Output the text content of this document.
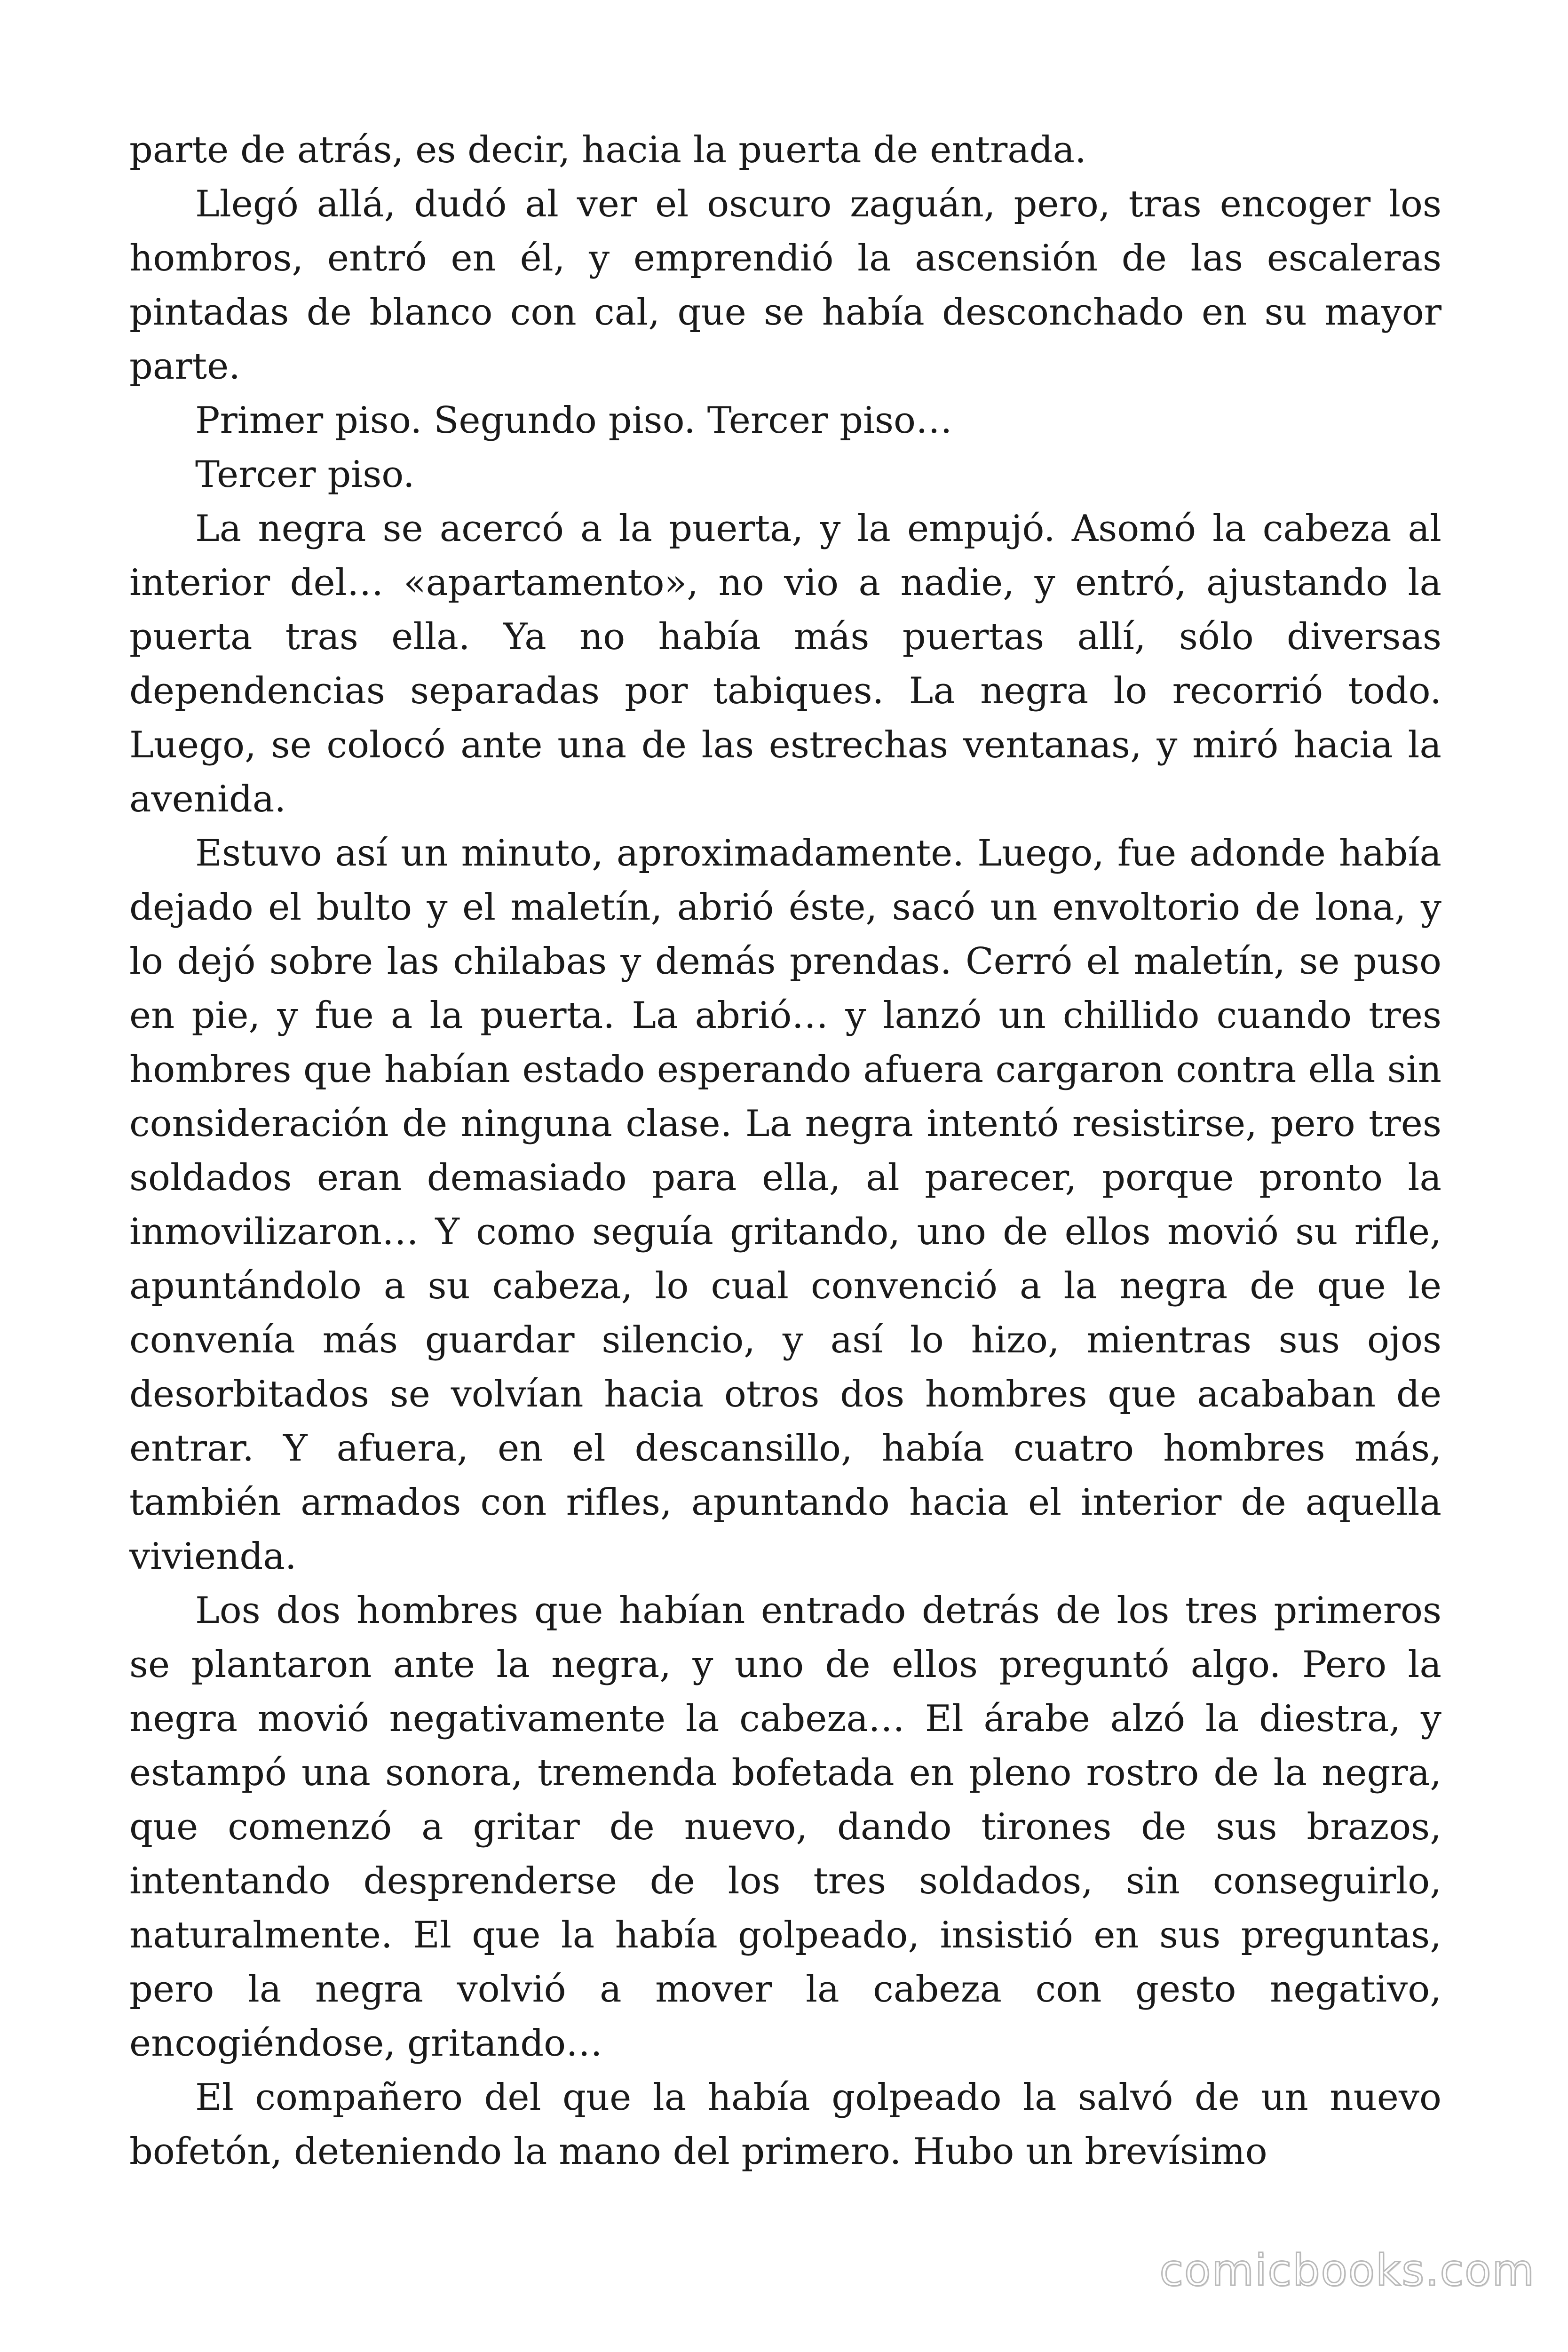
parte de atrás, es decir, hacia la puerta de entrada.

Llegó allá, dudó al ver el oscuro zaguán, pero, tras encoger los hombros, entró en él, y emprendió la ascensión de las escaleras pintadas de blanco con cal, que se había desconchado en su mayor parte.

Primer piso. Segundo piso. Tercer piso…

Tercer piso.

La negra se acercó a la puerta, y la empujó. Asomó la cabeza al interior del… «apartamento», no vio a nadie, y entró, ajustando la puerta tras ella. Ya no había más puertas allí, sólo diversas dependencias separadas por tabiques. La negra lo recorrió todo. Luego, se colocó ante una de las estrechas ventanas, y miró hacia la avenida.

Estuvo así un minuto, aproximadamente. Luego, fue adonde había dejado el bulto y el maletín, abrió éste, sacó un envoltorio de lona, y lo dejó sobre las chilabas y demás prendas. Cerró el maletín, se puso en pie, y fue a la puerta. La abrió… y lanzó un chillido cuando tres hombres que habían estado esperando afuera cargaron contra ella sin consideración de ninguna clase. La negra intentó resistirse, pero tres soldados eran demasiado para ella, al parecer, porque pronto la inmovilizaron… Y como seguía gritando, uno de ellos movió su rifle, apuntándolo a su cabeza, lo cual convenció a la negra de que le convenía más guardar silencio, y así lo hizo, mientras sus ojos desorbitados se volvían hacia otros dos hombres que acababan de entrar. Y afuera, en el descansillo, había cuatro hombres más, también armados con rifles, apuntando hacia el interior de aquella vivienda.

Los dos hombres que habían entrado detrás de los tres primeros se plantaron ante la negra, y uno de ellos preguntó algo. Pero la negra movió negativamente la cabeza… El árabe alzó la diestra, y estampó una sonora, tremenda bofetada en pleno rostro de la negra, que comenzó a gritar de nuevo, dando tirones de sus brazos, intentando desprenderse de los tres soldados, sin conseguirlo, naturalmente. El que la había golpeado, insistió en sus preguntas, pero la negra volvió a mover la cabeza con gesto negativo, encogiéndose, gritando…

El compañero del que la había golpeado la salvó de un nuevo bofetón, deteniendo la mano del primero. Hubo un brevísimo

comicbooks.com
